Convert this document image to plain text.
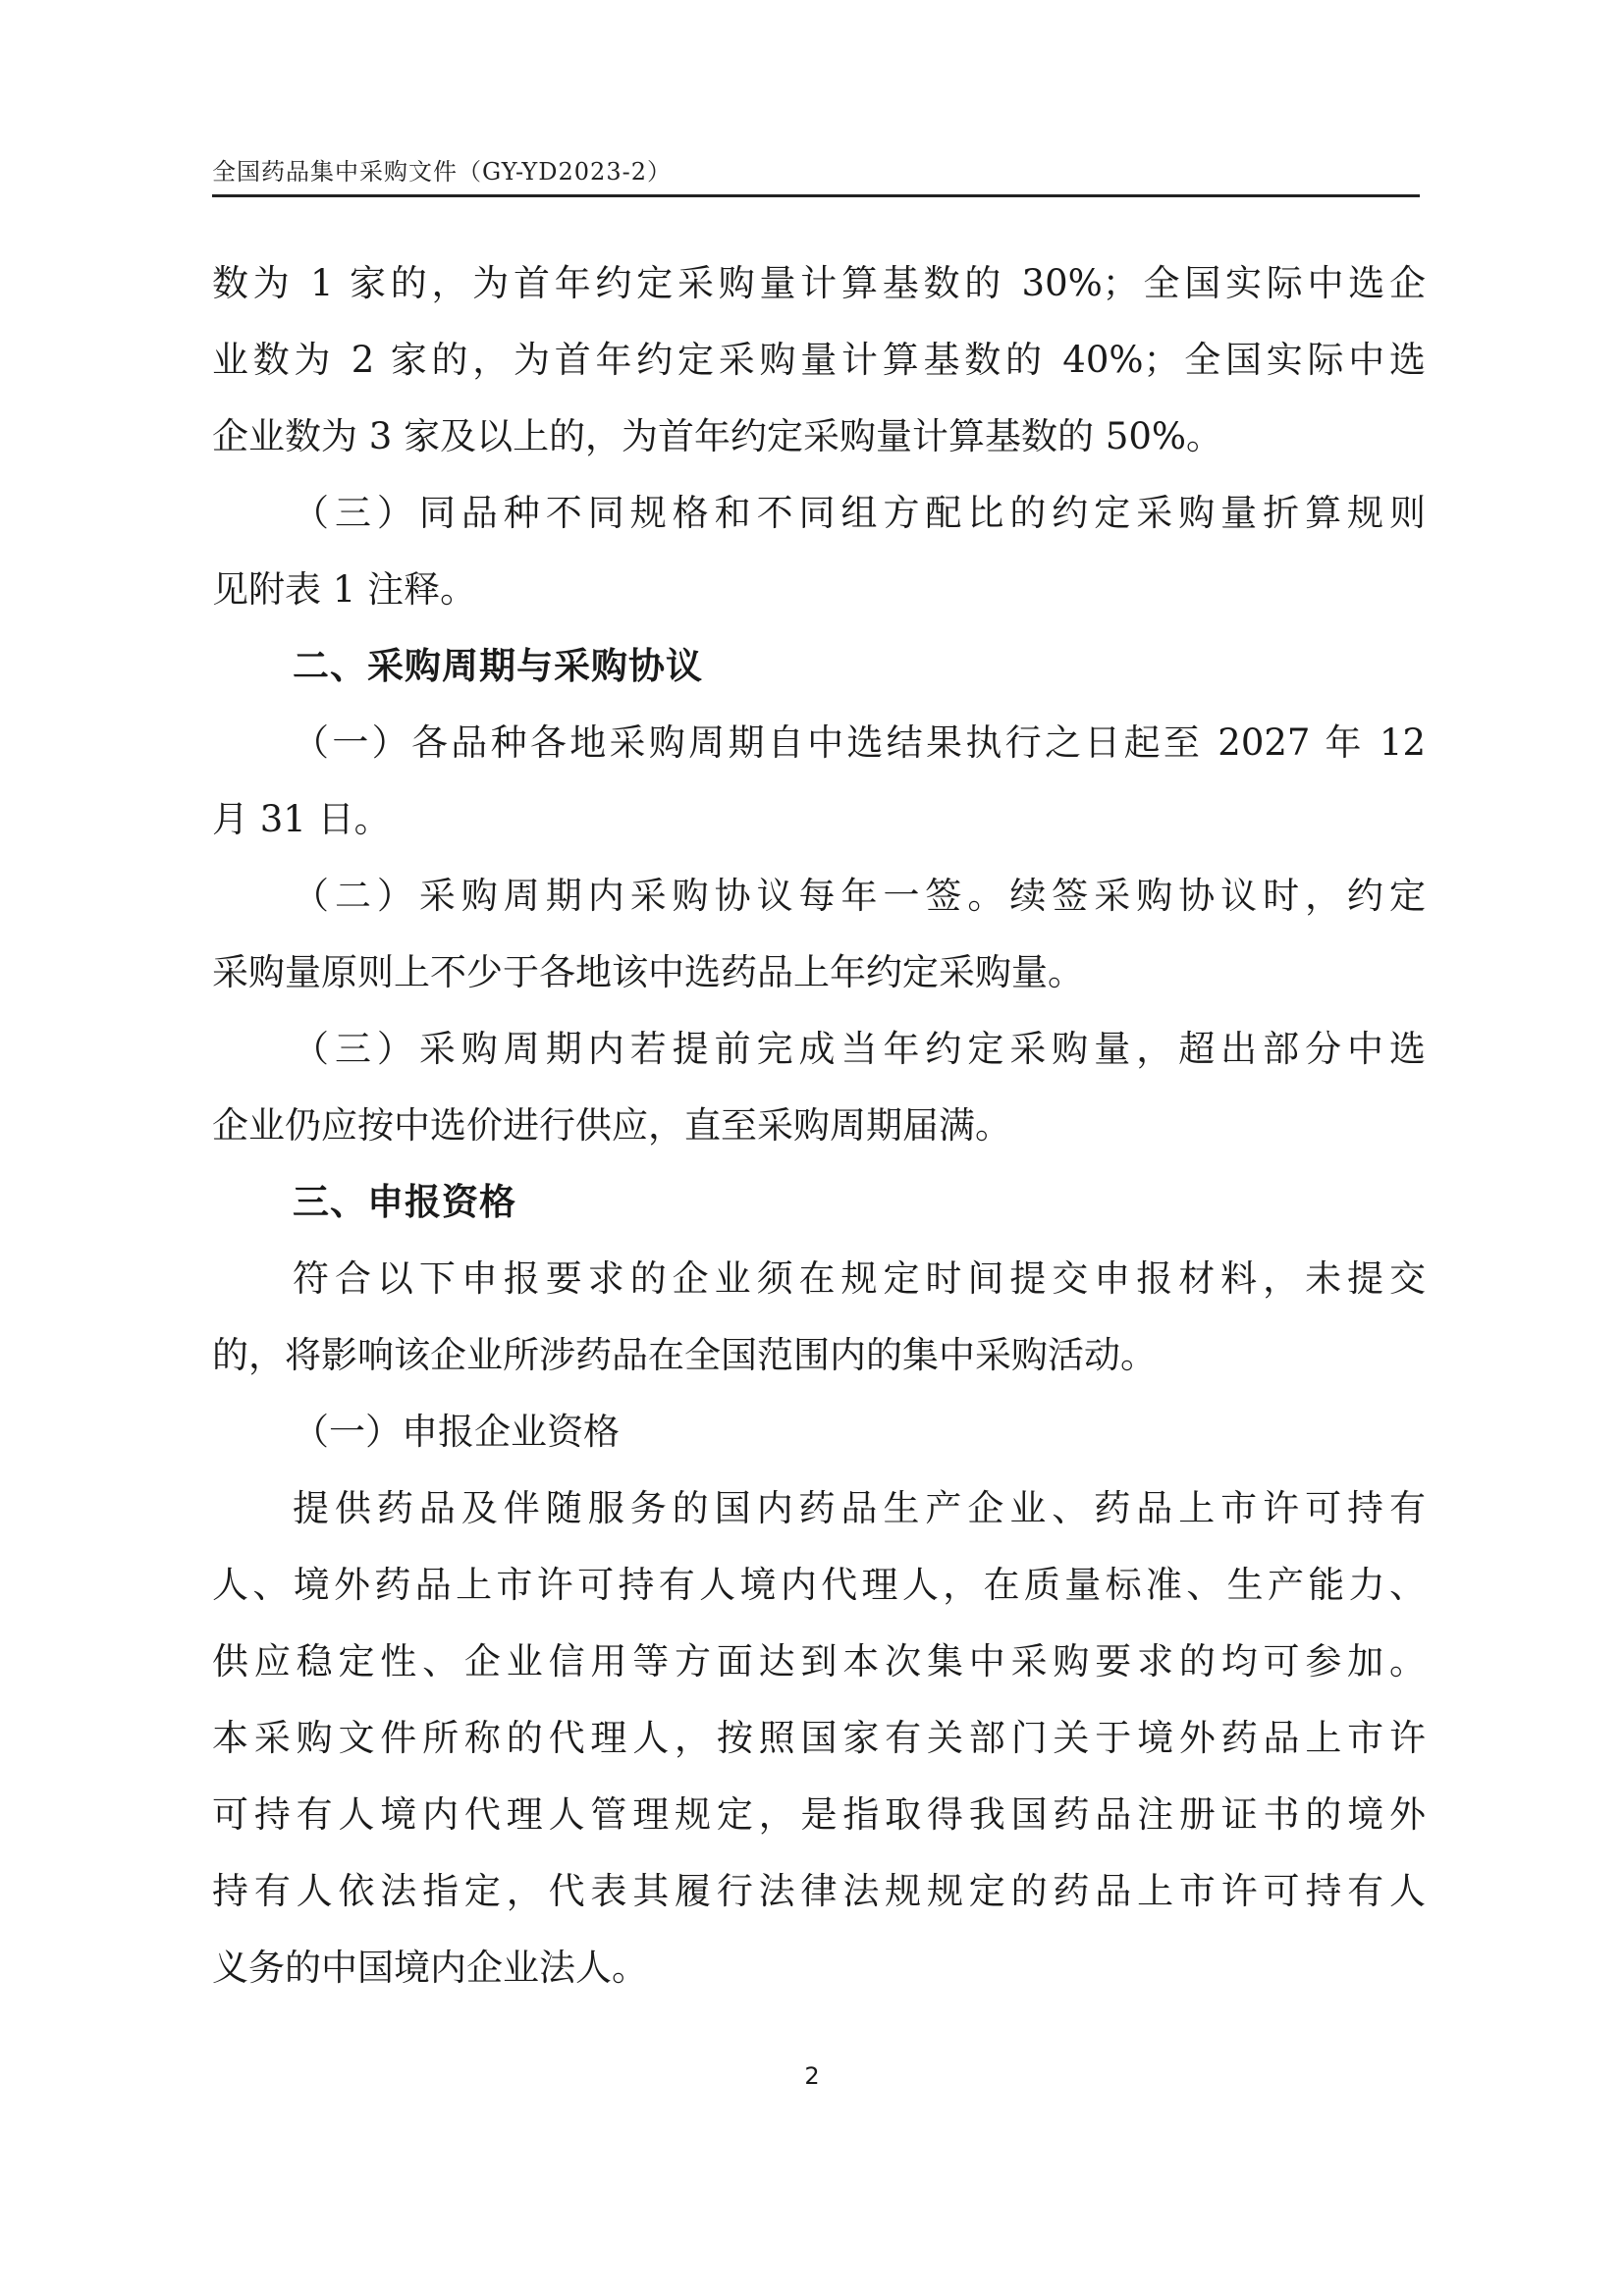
全国药品集中采购文件（GY-YD2023-2）
数为 1 家的，为首年约定采购量计算基数的 30%；全国实际中选企
业数为 2 家的，为首年约定采购量计算基数的 40%；全国实际中选
企业数为 3 家及以上的，为首年约定采购量计算基数的 50%。
（三）同品种不同规格和不同组方配比的约定采购量折算规则
见附表 1 注释。
二、采购周期与采购协议
（一）各品种各地采购周期自中选结果执行之日起至 2027 年 12
月 31 日。
（二）采购周期内采购协议每年一签。续签采购协议时，约定
采购量原则上不少于各地该中选药品上年约定采购量。
（三）采购周期内若提前完成当年约定采购量，超出部分中选
企业仍应按中选价进行供应，直至采购周期届满。
三、申报资格
符合以下申报要求的企业须在规定时间提交申报材料，未提交
的，将影响该企业所涉药品在全国范围内的集中采购活动。
（一）申报企业资格
提供药品及伴随服务的国内药品生产企业、药品上市许可持有
人、境外药品上市许可持有人境内代理人，在质量标准、生产能力、
供应稳定性、企业信用等方面达到本次集中采购要求的均可参加。
本采购文件所称的代理人，按照国家有关部门关于境外药品上市许
可持有人境内代理人管理规定，是指取得我国药品注册证书的境外
持有人依法指定，代表其履行法律法规规定的药品上市许可持有人
义务的中国境内企业法人。
2
